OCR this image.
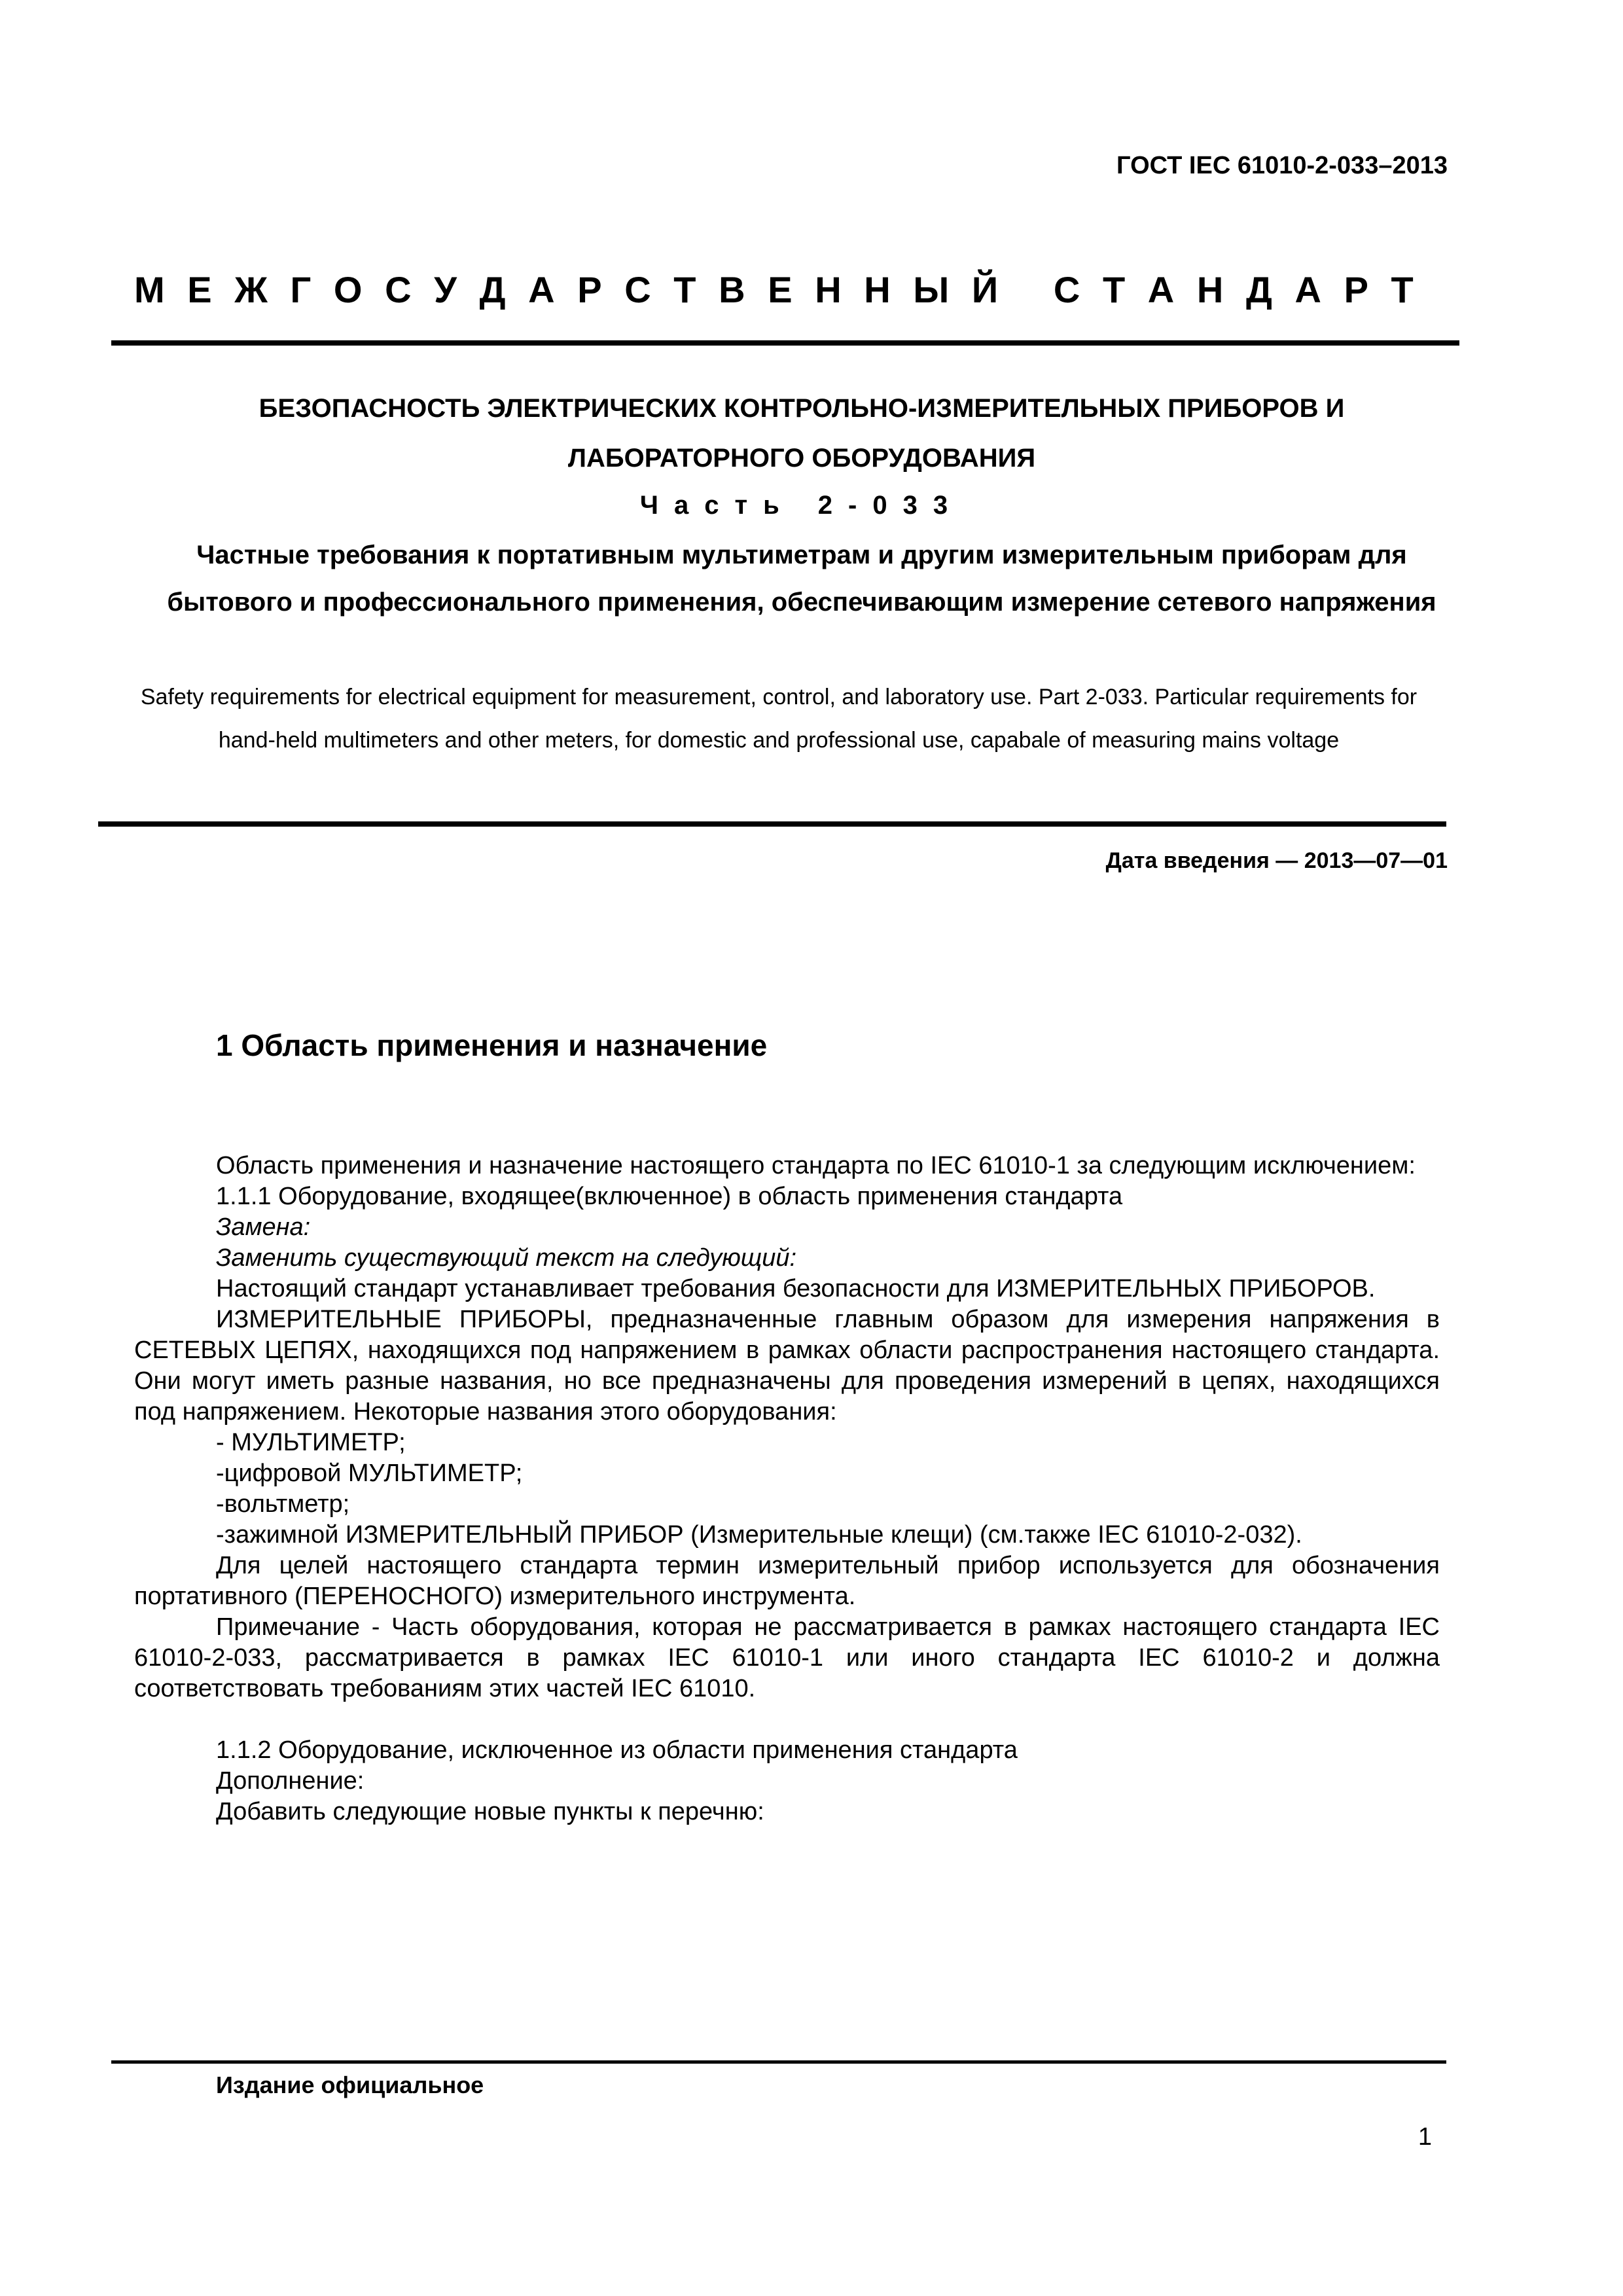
ГОСТ IEC 61010-2-033–2013
М Е Ж Г О С У Д А Р С Т В Е Н Н Ы Й
С Т А Н Д А Р Т
БЕЗОПАСНОСТЬ ЭЛЕКТРИЧЕСКИХ КОНТРОЛЬНО-ИЗМЕРИТЕЛЬНЫХ ПРИБОРОВ И
ЛАБОРАТОРНОГО ОБОРУДОВАНИЯ
Часть 2-033
Частные требования к портативным мультиметрам и другим измерительным приборам для
бытового и профессионального применения, обеспечивающим измерение сетевого напряжения
Safety requirements for electrical equipment for measurement, control, and laboratory use. Part 2-033. Particular requirements for hand-held multimeters and other meters, for domestic and professional use, capabale of measuring mains voltage
Дата введения — 2013—07—01
1 Область применения и назначение

Область применения и назначение настоящего стандарта по IEC 61010-1 за следующим исключением:

1.1.1 Оборудование, входящее(включенное) в область применения стандарта

Замена:

Заменить существующий текст на следующий:

Настоящий стандарт устанавливает требования безопасности для ИЗМЕРИТЕЛЬНЫХ ПРИБОРОВ.

ИЗМЕРИТЕЛЬНЫЕ ПРИБОРЫ, предназначенные главным образом для измерения напряжения в СЕТЕВЫХ ЦЕПЯХ, находящихся под напряжением в рамках области распространения настоящего стандарта. Они могут иметь разные названия, но все предназначены для проведения измерений в цепях, находящихся под напряжением. Некоторые названия этого оборудования:

- МУЛЬТИМЕТР;

-цифровой МУЛЬТИМЕТР;

-вольтметр;

-зажимной ИЗМЕРИТЕЛЬНЫЙ ПРИБОР (Измерительные клещи) (см.также IEC 61010-2-032).

Для целей настоящего стандарта термин измерительный прибор используется для обозначения портативного (ПЕРЕНОСНОГО) измерительного инструмента.

Примечание - Часть оборудования, которая не рассматривается в рамках настоящего стандарта IEC 61010-2-033, рассматривается в рамках IEC 61010-1 или иного стандарта IEC 61010-2 и должна соответствовать требованиям этих частей IEC 61010.

1.1.2 Оборудование, исключенное из области применения стандарта

Дополнение:

Добавить следующие новые пункты к перечню:

Издание официальное
1
